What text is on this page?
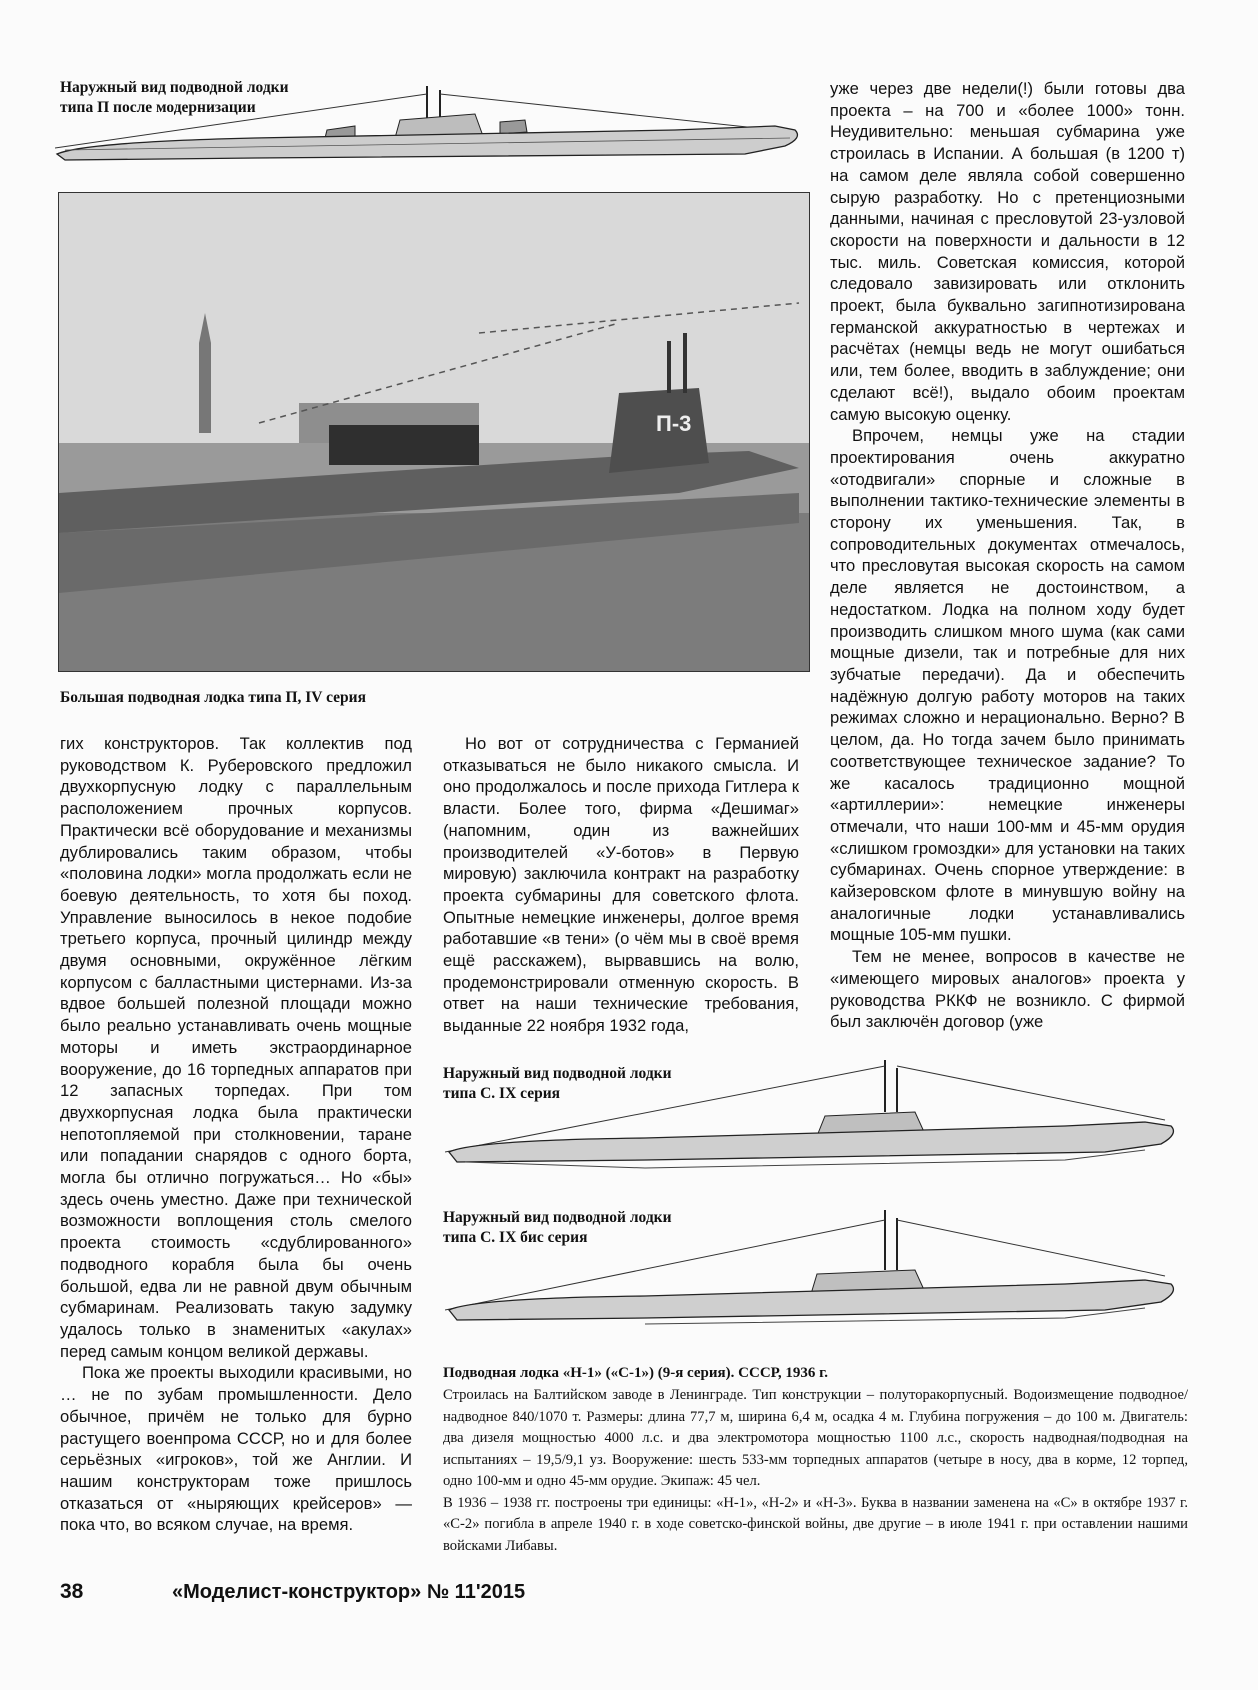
Наружный вид подводной лодки
типа П после модернизации
П-3
Большая подводная лодка типа П, IV серия

гих конструкторов. Так коллектив под руководством К. Руберовского предложил двухкорпусную лодку с параллельным расположением прочных корпусов. Практически всё оборудование и механизмы дублировались таким образом, чтобы «половина лодки» могла продолжать если не боевую деятельность, то хотя бы поход. Управление выносилось в некое подобие третьего корпуса, прочный цилиндр между двумя основными, окружённое лёгким корпусом с балластными цистернами. Из-за вдвое большей полезной площади можно было реально устанавливать очень мощные моторы и иметь экстраординарное вооружение, до 16 торпедных аппаратов при 12 запасных торпедах. При том двухкорпусная лодка была практически непотопляемой при столкновении, таране или попадании снарядов с одного борта, могла бы отлично погружаться… Но «бы» здесь очень уместно. Даже при технической возможности воплощения столь смелого проекта стоимость «сдублированного» подводного корабля была бы очень большой, едва ли не равной двум обычным субмаринам. Реализовать такую задумку удалось только в знаменитых «акулах» перед самым концом великой державы.

Пока же проекты выходили красивыми, но … не по зубам промышленности. Дело обычное, причём не только для бурно растущего военпрома СССР, но и для более серьёзных «игроков», той же Англии. И нашим конструкторам тоже пришлось отказаться от «ныряющих крейсеров» — пока что, во всяком случае, на время.

Но вот от сотрудничества с Германией отказываться не было никакого смысла. И оно продолжалось и после прихода Гитлера к власти. Более того, фирма «Дешимаг» (напомним, один из важнейших производителей «У-ботов» в Первую мировую) заключила контракт на разработку проекта субмарины для советского флота. Опытные немецкие инженеры, долгое время работавшие «в тени» (о чём мы в своё время ещё расскажем), вырвавшись на волю, продемонстрировали отменную скорость. В ответ на наши технические требования, выданные 22 ноября 1932 года,

уже через две недели(!) были готовы два проекта – на 700 и «более 1000» тонн. Неудивительно: меньшая субмарина уже строилась в Испании. А большая (в 1200 т) на самом деле являла собой совершенно сырую разработку. Но с претенциозными данными, начиная с пресловутой 23-узловой скорости на поверхности и дальности в 12 тыс. миль. Советская комиссия, которой следовало завизировать или отклонить проект, была буквально загипнотизирована германской аккуратностью в чертежах и расчётах (немцы ведь не могут ошибаться или, тем более, вводить в заблуждение; они сделают всё!), выдало обоим проектам самую высокую оценку.

Впрочем, немцы уже на стадии проектирования очень аккуратно «отодвигали» спорные и сложные в выполнении тактико-технические элементы в сторону их уменьшения. Так, в сопроводительных документах отмечалось, что пресловутая высокая скорость на самом деле является не достоинством, а недостатком. Лодка на полном ходу будет производить слишком много шума (как сами мощные дизели, так и потребные для них зубчатые передачи). Да и обеспечить надёжную долгую работу моторов на таких режимах сложно и нерационально. Верно? В целом, да. Но тогда зачем было принимать соответствующее техническое задание? То же касалось традиционно мощной «артиллерии»: немецкие инженеры отмечали, что наши 100-мм и 45-мм орудия «слишком громоздки» для установки на таких субмаринах. Очень спорное утверждение: в кайзеровском флоте в минувшую войну на аналогичные лодки устанавливались мощные 105-мм пушки.

Тем не менее, вопросов в качестве не «имеющего мировых аналогов» проекта у руководства РККФ не возникло. С фирмой был заключён договор (уже

Наружный вид подводной лодки
типа С. IX серия
Наружный вид подводной лодки
типа С. IX бис серия
Подводная лодка «Н-1» («С-1») (9-я серия). СССР, 1936 г.
Строилась на Балтийском заводе в Ленинграде. Тип конструкции – полуторакорпусный. Водоизмещение подводное/надводное 840/1070 т. Размеры: длина 77,7 м, ширина 6,4 м, осадка 4 м. Глубина погружения – до 100 м. Двигатель: два дизеля мощностью 4000 л.с. и два электромотора мощностью 1100 л.с., скорость надводная/подводная на испытаниях – 19,5/9,1 уз. Вооружение: шесть 533-мм торпедных аппаратов (четыре в носу, два в корме, 12 торпед, одно 100-мм и одно 45-мм орудие. Экипаж: 45 чел.
В 1936 – 1938 гг. построены три единицы: «Н-1», «Н-2» и «Н-3». Буква в названии заменена на «С» в октябре 1937 г. «С-2» погибла в апреле 1940 г. в ходе советско-финской войны, две другие – в июле 1941 г. при оставлении нашими войсками Либавы.
38	«Моделист-конструктор» № 11'2015
